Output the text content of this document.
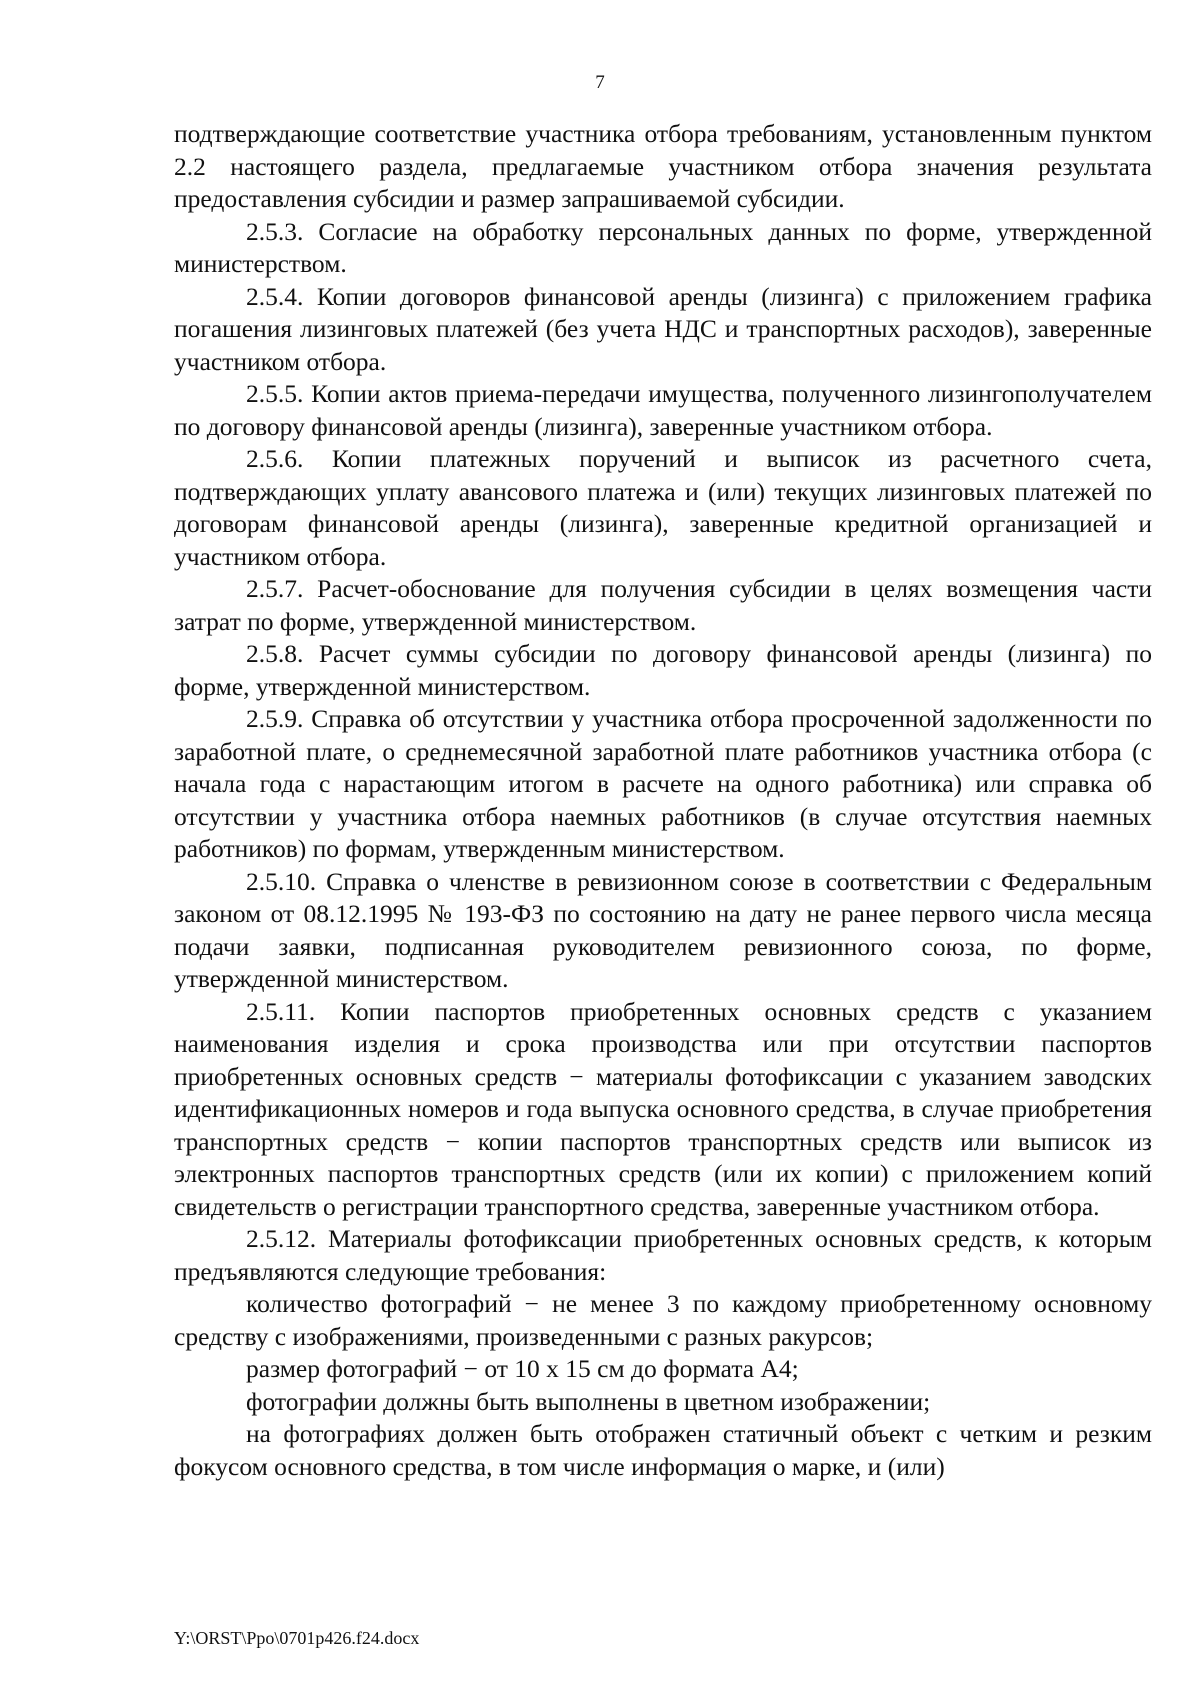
7

подтверждающие соответствие участника отбора требованиям, установленным пунктом 2.2 настоящего раздела, предлагаемые участником отбора значения результата предоставления субсидии и размер запрашиваемой субсидии.

2.5.3. Согласие на обработку персональных данных по форме, утвержденной министерством.

2.5.4. Копии договоров финансовой аренды (лизинга) с приложением графика погашения лизинговых платежей (без учета НДС и транспортных расходов), заверенные участником отбора.

2.5.5. Копии актов приема-передачи имущества, полученного лизингополучателем по договору финансовой аренды (лизинга), заверенные участником отбора.

2.5.6. Копии платежных поручений и выписок из расчетного счета, подтверждающих уплату авансового платежа и (или) текущих лизинговых платежей по договорам финансовой аренды (лизинга), заверенные кредитной организацией и участником отбора.

2.5.7. Расчет-обоснование для получения субсидии в целях возмещения части затрат по форме, утвержденной министерством.

2.5.8. Расчет суммы субсидии по договору финансовой аренды (лизинга) по форме, утвержденной министерством.

2.5.9. Справка об отсутствии у участника отбора просроченной задолженности по заработной плате, о среднемесячной заработной плате работников участника отбора (с начала года с нарастающим итогом в расчете на одного работника) или справка об отсутствии у участника отбора наемных работников (в случае отсутствия наемных работников) по формам, утвержденным министерством.

2.5.10. Справка о членстве в ревизионном союзе в соответствии с Федеральным законом от 08.12.1995 № 193-ФЗ по состоянию на дату не ранее первого числа месяца подачи заявки, подписанная руководителем ревизионного союза, по форме, утвержденной министерством.

2.5.11. Копии паспортов приобретенных основных средств с указанием наименования изделия и срока производства или при отсутствии паспортов приобретенных основных средств − материалы фотофиксации с указанием заводских идентификационных номеров и года выпуска основного средства, в случае приобретения транспортных средств − копии паспортов транспортных средств или выписок из электронных паспортов транспортных средств (или их копии) с приложением копий свидетельств о регистрации транспортного средства, заверенные участником отбора.

2.5.12. Материалы фотофиксации приобретенных основных средств, к которым предъявляются следующие требования:

количество фотографий − не менее 3 по каждому приобретенному основному средству с изображениями, произведенными с разных ракурсов;

размер фотографий − от 10 x 15 см до формата А4;

фотографии должны быть выполнены в цветном изображении;

на фотографиях должен быть отображен статичный объект с четким и резким фокусом основного средства, в том числе информация о марке, и (или)

Y:\ORST\Ppo\0701p426.f24.docx
